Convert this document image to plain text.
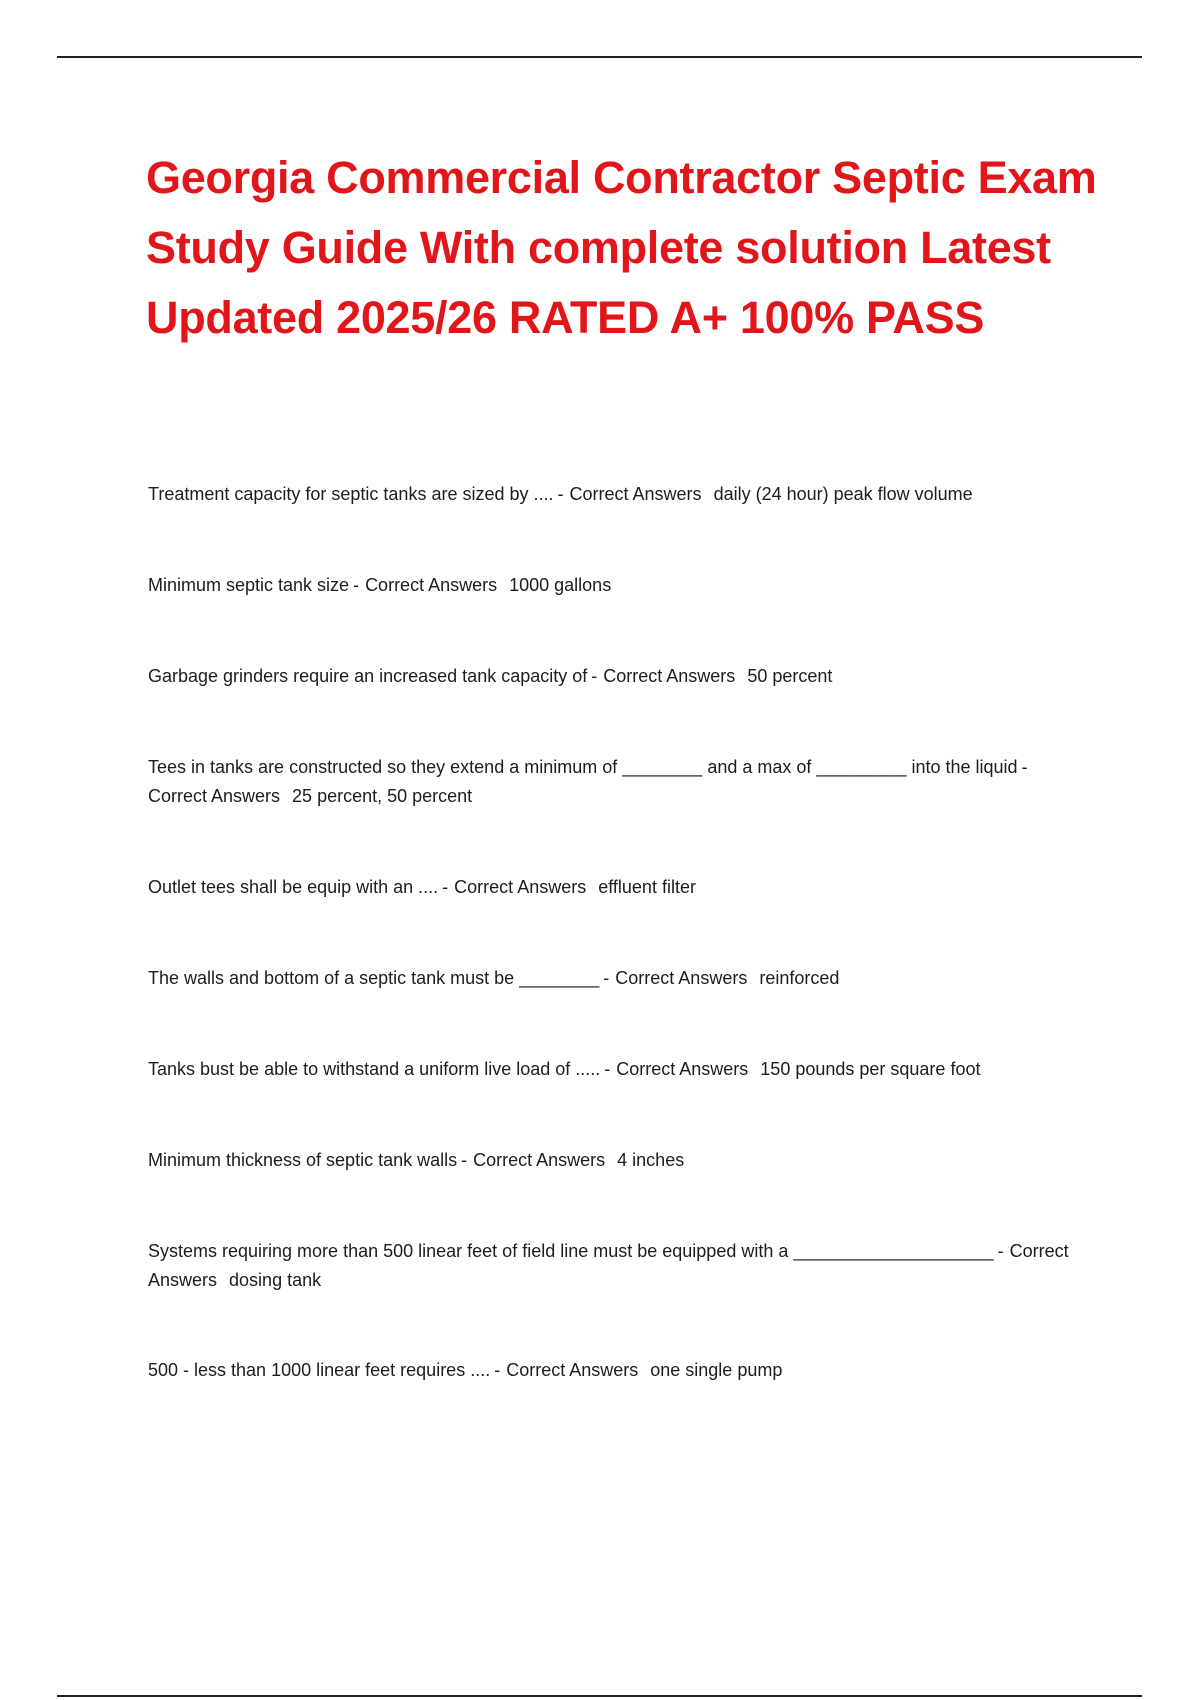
Georgia Commercial Contractor Septic Exam Study Guide With complete solution Latest Updated 2025/26 RATED A+ 100% PASS
Treatment capacity for septic tanks are sized by .... - Correct Answers daily (24 hour) peak flow volume
Minimum septic tank size - Correct Answers 1000 gallons
Garbage grinders require an increased tank capacity of - Correct Answers 50 percent
Tees in tanks are constructed so they extend a minimum of ________ and a max of _________ into the liquid -Correct Answers 25 percent, 50 percent
Outlet tees shall be equip with an .... - Correct Answers effluent filter
The walls and bottom of a septic tank must be ________ - Correct Answers reinforced
Tanks bust be able to withstand a uniform live load of ..... - Correct Answers 150 pounds per square foot
Minimum thickness of septic tank walls - Correct Answers 4 inches
Systems requiring more than 500 linear feet of field line must be equipped with a ____________________ - Correct Answers dosing tank
500 - less than 1000 linear feet requires .... - Correct Answers one single pump
